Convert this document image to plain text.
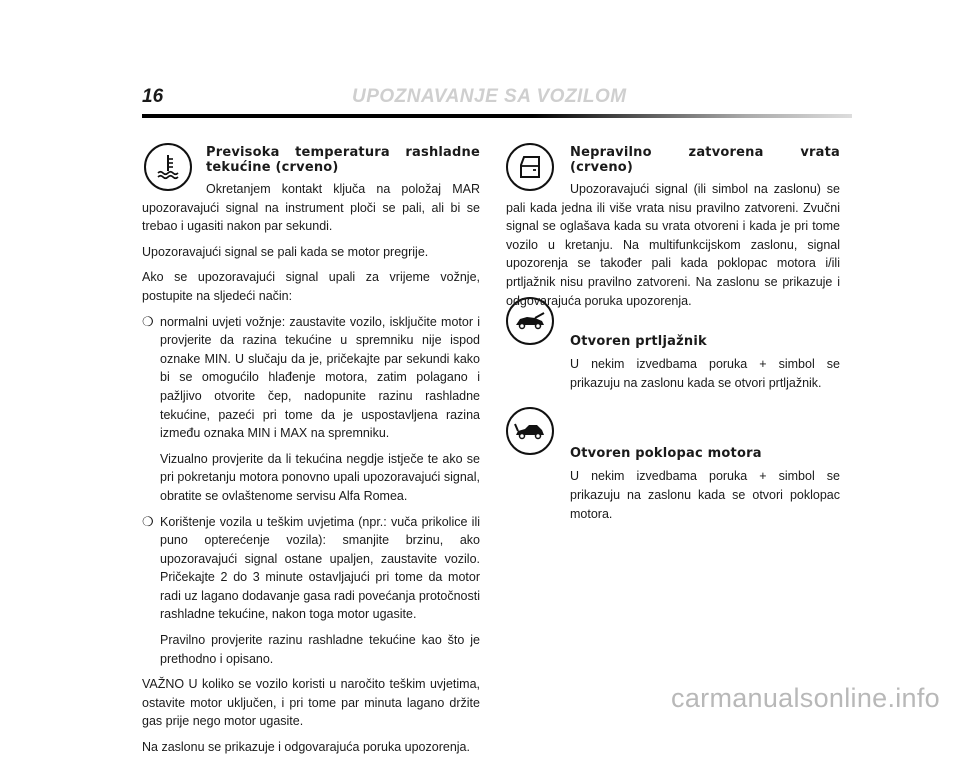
16	UPOZNAVANJE SA VOZILOM

Previsoka temperatura rashladne tekućine (crveno)

Okretanjem kontakt ključa na položaj MAR upozoravajući signal na instrument ploči se pali, ali bi se trebao i ugasiti nakon par sekundi.

Upozoravajući signal se pali kada se motor pregrije.

Ako se upozoravajući signal upali za vrijeme vožnje, postupite na sljedeći način:

❍ normalni uvjeti vožnje: zaustavite vozilo, isključite motor i provjerite da razina tekućine u spremniku nije ispod oznake MIN. U slučaju da je, pričekajte par sekundi kako bi se omogućilo hlađenje motora, zatim polagano i pažljivo otvorite čep, nadopunite razinu rashladne tekućine, pazeći pri tome da je uspostavljena razina između oznaka MIN i MAX na spremniku.

Vizualno provjerite da li tekućina negdje istječe te ako se pri pokretanju motora ponovno upali upozoravajući signal, obratite se ovlaštenome servisu Alfa Romea.

❍ Korištenje vozila u teškim uvjetima (npr.: vuča prikolice ili puno opterećenje vozila): smanjite brzinu, ako upozoravajući signal ostane upaljen, zaustavite vozilo. Pričekajte 2 do 3 minute ostavljajući pri tome da motor radi uz lagano dodavanje gasa radi povećanja protočnosti rashladne tekućine, nakon toga motor ugasite.

Pravilno provjerite razinu rashladne tekućine kao što je prethodno i opisano.

VAŽNO U koliko se vozilo koristi u naročito teškim uvjetima, ostavite motor uključen, i pri tome par minuta lagano držite gas prije nego motor ugasite.

Na zaslonu se prikazuje i odgovarajuća poruka upozorenja.

Nepravilno zatvorena vrata (crveno)

Upozoravajući signal (ili simbol na zaslonu) se pali kada jedna ili više vrata nisu pravilno zatvoreni. Zvučni signal se oglašava kada su vrata otvoreni i kada je pri tome vozilo u kretanju. Na multifunkcijskom zaslonu, signal upozorenja se također pali kada poklopac motora i/ili prtljažnik nisu pravilno zatvoreni. Na zaslonu se prikazuje i odgovarajuća poruka upozorenja.

Otvoren prtljažnik

U nekim izvedbama poruka + simbol se prikazuju na zaslonu kada se otvori prtljažnik.

Otvoren poklopac motora

U nekim izvedbama poruka + simbol se prikazuju na zaslonu kada se otvori poklopac motora.

carmanualsonline.info
